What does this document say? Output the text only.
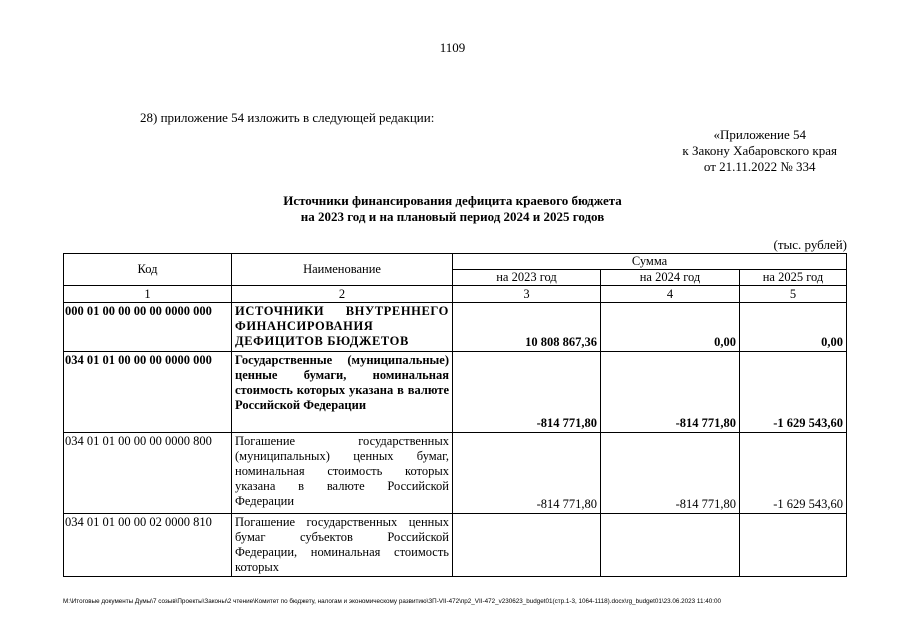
1109
28) приложение 54 изложить в следующей редакции:
«Приложение 54
к Закону Хабаровского края
от 21.11.2022 № 334
Источники финансирования дефицита краевого бюджета
на 2023 год и на плановый период 2024 и 2025 годов
(тыс. рублей)
Код	Наименование	Сумма		
		на 2023 год	на 2024 год	на 2025 год
1	2	3	4	5
000 01 00 00 00 00 0000 000	ИСТОЧНИКИ ВНУТРЕННЕГО ФИНАНСИРОВАНИЯ ДЕФИЦИТОВ БЮДЖЕТОВ	10 808 867,36	0,00	0,00
034 01 01 00 00 00 0000 000	Государственные (муниципальные) ценные бумаги, номинальная стоимость которых указана в валюте Российской Федерации	-814 771,80	-814 771,80	-1 629 543,60
034 01 01 00 00 00 0000 800	Погашение государственных (муниципальных) ценных бумаг, номинальная стоимость которых указана в валюте Российской Федерации	-814 771,80	-814 771,80	-1 629 543,60
034 01 01 00 00 02 0000 810	Погашение государственных ценных бумаг субъектов Российской Федерации, номинальная стоимость которых			
M:\Итоговые документы Думы\7 созыв\Проекты\Законы\2 чтение\Комитет по бюджету, налогам и экономическому развитию\ЗП-VII-472\пр2_VII-472_v230623_budget01(стр.1-3, 1064-1118).docx\rg_budget01\23.06.2023 11:40:00
